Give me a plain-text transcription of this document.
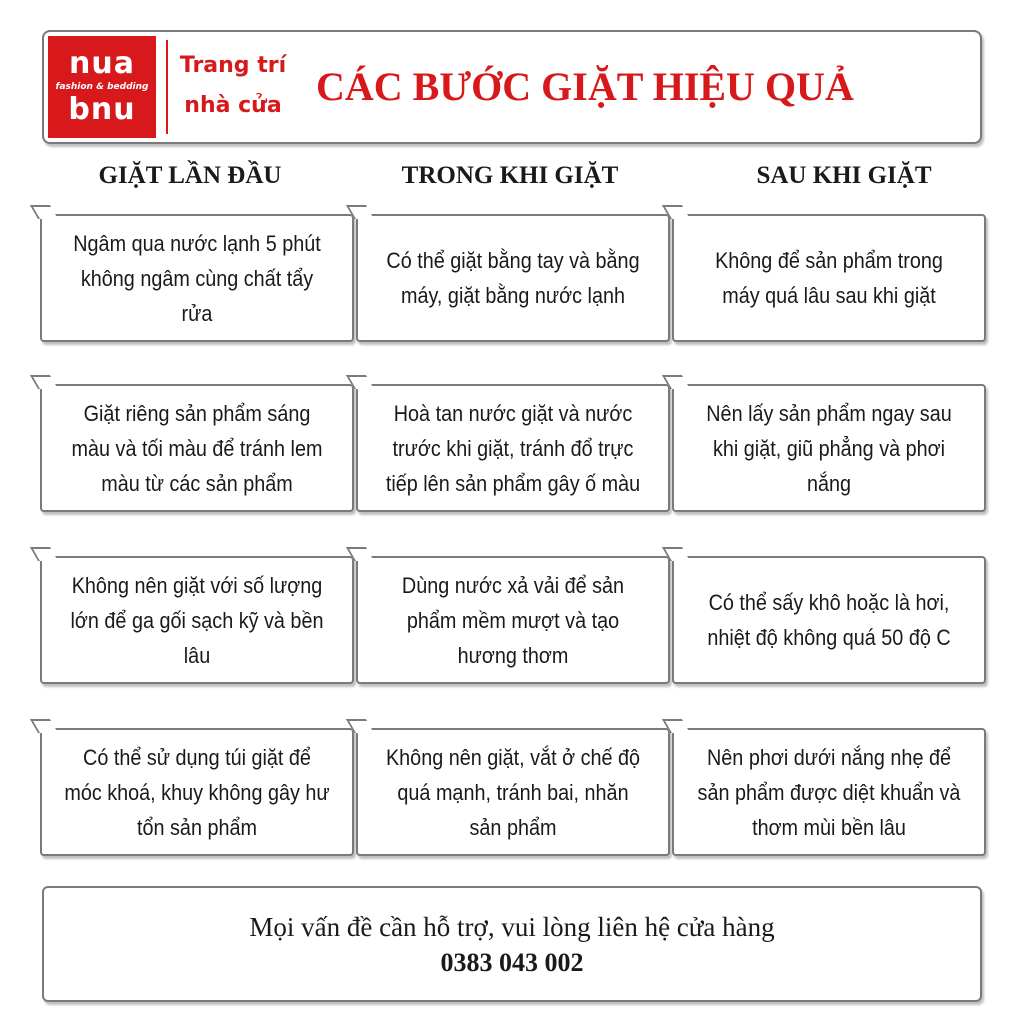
nua
fashion & bedding
bnu
Trang trí
nhà cửa CÁC BƯỚC GIẶT HIỆU QUẢ
GIẶT LẦN ĐẦU	TRONG KHI GIẶT	SAU KHI GIẶT
Ngâm qua nước lạnh 5 phút không ngâm cùng chất tẩy rửa
Giặt riêng sản phẩm sáng màu và tối màu để tránh lem màu từ các sản phẩm
Không nên giặt với số lượng lớn để ga gối sạch kỹ và bền lâu
Có thể sử dụng túi giặt để móc khoá, khuy không gây hư tổn sản phẩm
Có thể giặt bằng tay và bằng máy, giặt bằng nước lạnh
Hoà tan nước giặt và nước trước khi giặt, tránh đổ trực tiếp lên sản phẩm gây ố màu
Dùng nước xả vải để sản phẩm mềm mượt và tạo hương thơm
Không nên giặt, vắt ở chế độ quá mạnh, tránh bai, nhăn sản phẩm
Không để sản phẩm trong máy quá lâu sau khi giặt
Nên lấy sản phẩm ngay sau khi giặt, giũ phẳng và phơi nắng
Có thể sấy khô hoặc là hơi, nhiệt độ không quá 50 độ C
Nên phơi dưới nắng nhẹ để sản phẩm được diệt khuẩn và thơm mùi bền lâu
Mọi vấn đề cần hỗ trợ, vui lòng liên hệ cửa hàng
0383 043 002
